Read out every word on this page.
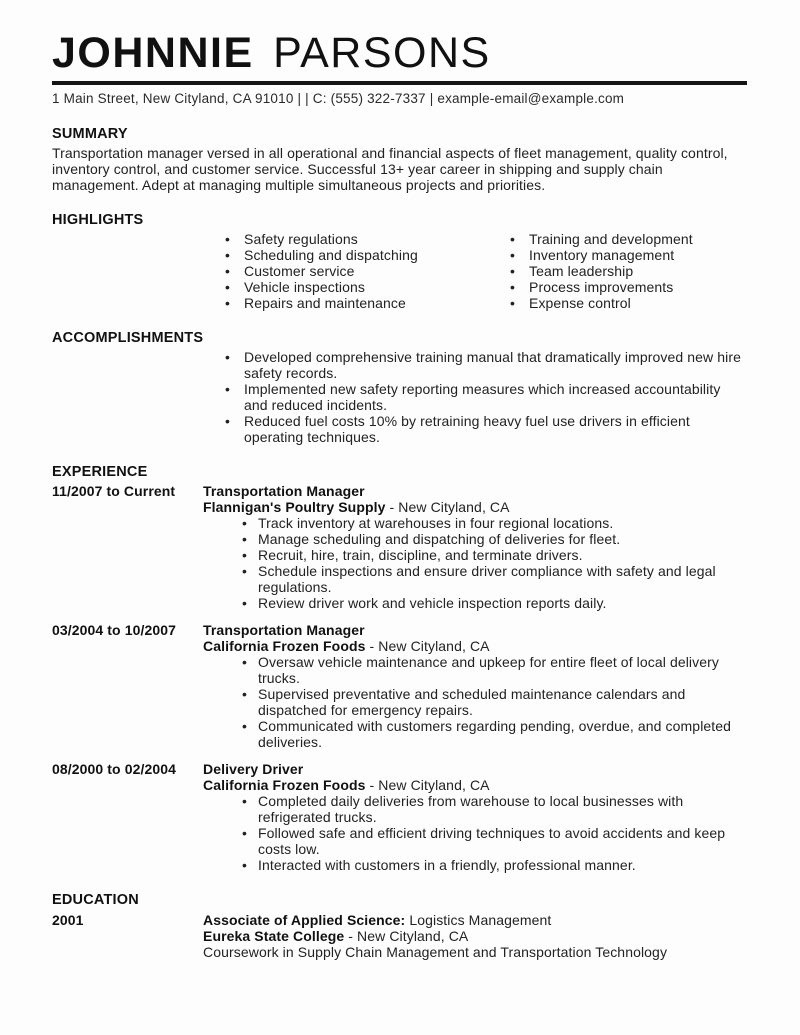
JOHNNIE PARSONS
1 Main Street, New Cityland, CA 91010 | | C: (555) 322-7337 | example-email@example.com
SUMMARY
Transportation manager versed in all operational and financial aspects of fleet management, quality control, inventory control, and customer service. Successful 13+ year career in shipping and supply chain management. Adept at managing multiple simultaneous projects and priorities.
HIGHLIGHTS
• Safety regulations
• Scheduling and dispatching
• Customer service
• Vehicle inspections
• Repairs and maintenance
• Training and development
• Inventory management
• Team leadership
• Process improvements
• Expense control
ACCOMPLISHMENTS
• Developed comprehensive training manual that dramatically improved new hire safety records.
• Implemented new safety reporting measures which increased accountability and reduced incidents.
• Reduced fuel costs 10% by retraining heavy fuel use drivers in efficient operating techniques.
EXPERIENCE
11/2007 to Current	Transportation Manager
Flannigan's Poultry Supply - New Cityland, CA
• Track inventory at warehouses in four regional locations.
• Manage scheduling and dispatching of deliveries for fleet.
• Recruit, hire, train, discipline, and terminate drivers.
• Schedule inspections and ensure driver compliance with safety and legal regulations.
• Review driver work and vehicle inspection reports daily.
03/2004 to 10/2007	Transportation Manager
California Frozen Foods - New Cityland, CA
• Oversaw vehicle maintenance and upkeep for entire fleet of local delivery trucks.
• Supervised preventative and scheduled maintenance calendars and dispatched for emergency repairs.
• Communicated with customers regarding pending, overdue, and completed deliveries.
08/2000 to 02/2004	Delivery Driver
California Frozen Foods - New Cityland, CA
• Completed daily deliveries from warehouse to local businesses with refrigerated trucks.
• Followed safe and efficient driving techniques to avoid accidents and keep costs low.
• Interacted with customers in a friendly, professional manner.
EDUCATION
2001	Associate of Applied Science: Logistics Management
Eureka State College - New Cityland, CA
Coursework in Supply Chain Management and Transportation Technology
